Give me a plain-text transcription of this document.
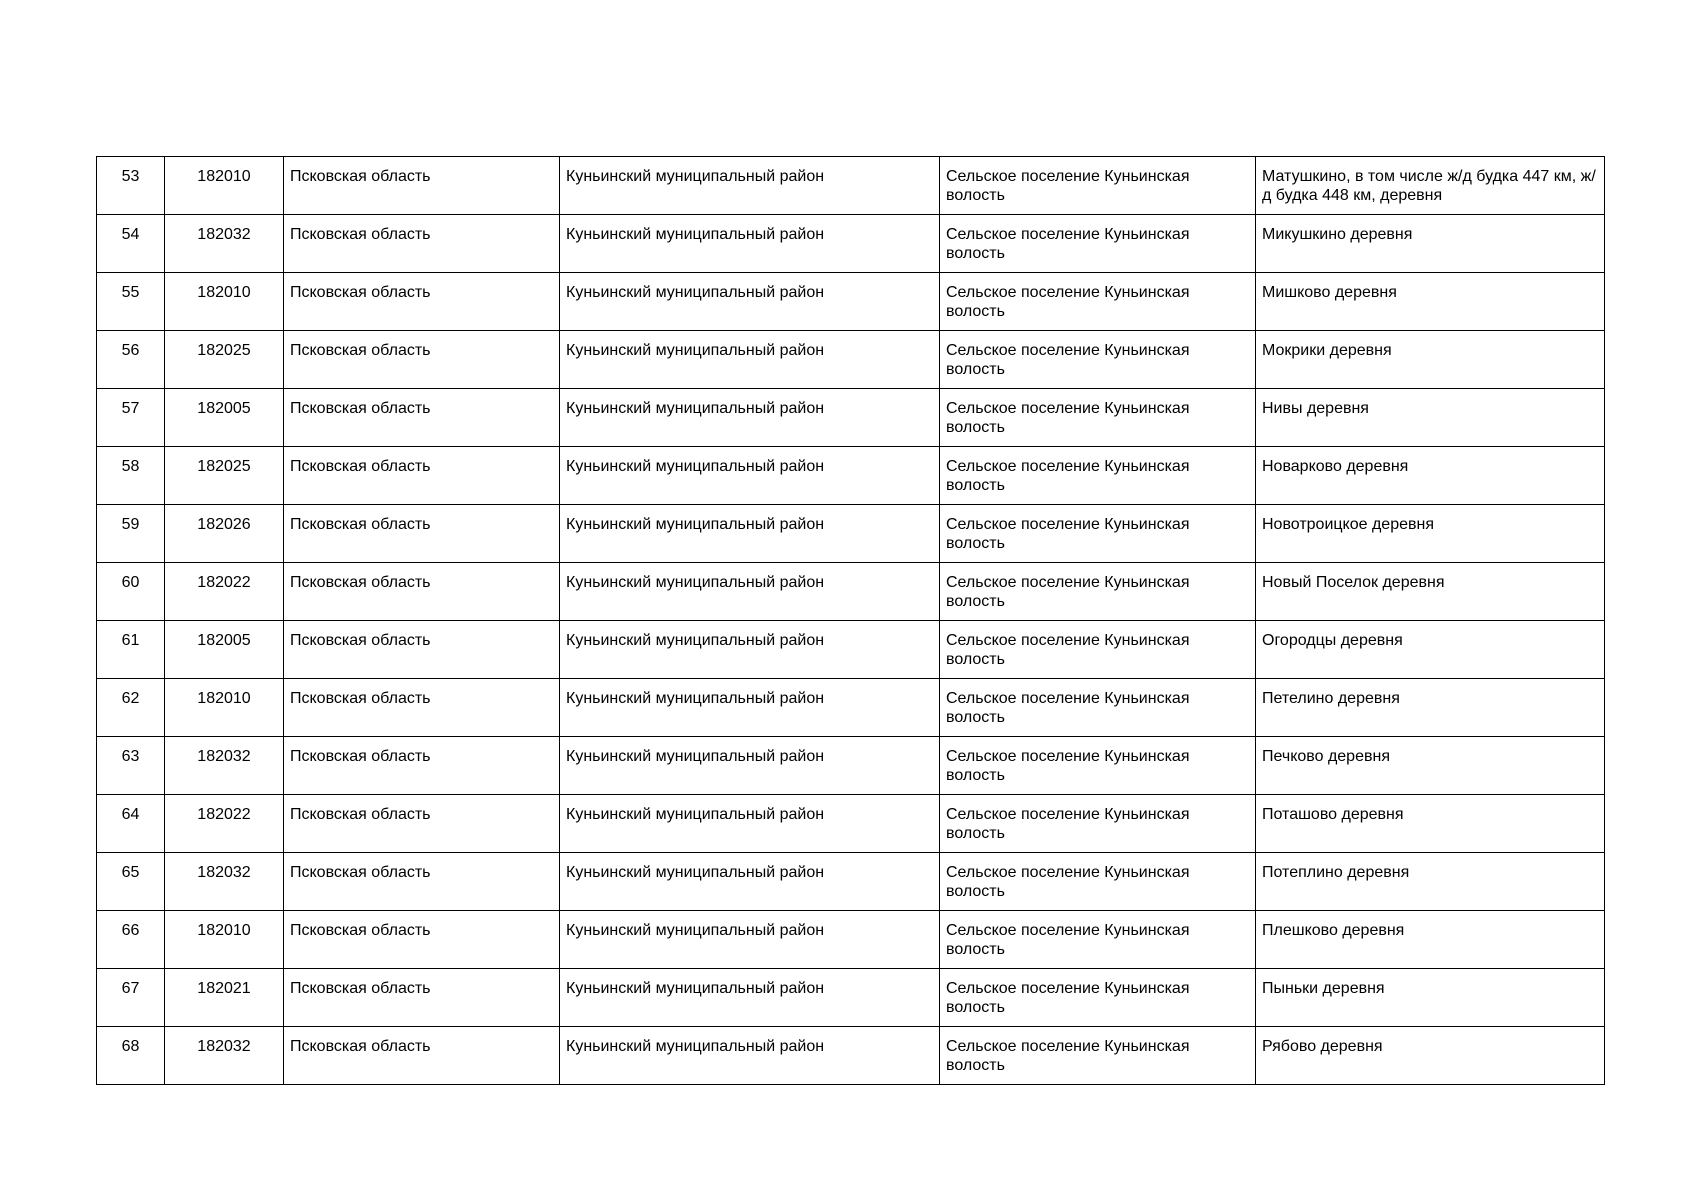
53	182010	Псковская область	Куньинский муниципальный район	Сельское поселение Куньинская волость	Матушкино, в том числе ж/д будка 447 км, ж/д будка 448 км, деревня
54	182032	Псковская область	Куньинский муниципальный район	Сельское поселение Куньинская волость	Микушкино деревня
55	182010	Псковская область	Куньинский муниципальный район	Сельское поселение Куньинская волость	Мишково деревня
56	182025	Псковская область	Куньинский муниципальный район	Сельское поселение Куньинская волость	Мокрики деревня
57	182005	Псковская область	Куньинский муниципальный район	Сельское поселение Куньинская волость	Нивы деревня
58	182025	Псковская область	Куньинский муниципальный район	Сельское поселение Куньинская волость	Новарково деревня
59	182026	Псковская область	Куньинский муниципальный район	Сельское поселение Куньинская волость	Новотроицкое деревня
60	182022	Псковская область	Куньинский муниципальный район	Сельское поселение Куньинская волость	Новый Поселок деревня
61	182005	Псковская область	Куньинский муниципальный район	Сельское поселение Куньинская волость	Огородцы деревня
62	182010	Псковская область	Куньинский муниципальный район	Сельское поселение Куньинская волость	Петелино деревня
63	182032	Псковская область	Куньинский муниципальный район	Сельское поселение Куньинская волость	Печково деревня
64	182022	Псковская область	Куньинский муниципальный район	Сельское поселение Куньинская волость	Поташово деревня
65	182032	Псковская область	Куньинский муниципальный район	Сельское поселение Куньинская волость	Потеплино деревня
66	182010	Псковская область	Куньинский муниципальный район	Сельское поселение Куньинская волость	Плешково деревня
67	182021	Псковская область	Куньинский муниципальный район	Сельское поселение Куньинская волость	Пыньки деревня
68	182032	Псковская область	Куньинский муниципальный район	Сельское поселение Куньинская волость	Рябово деревня
